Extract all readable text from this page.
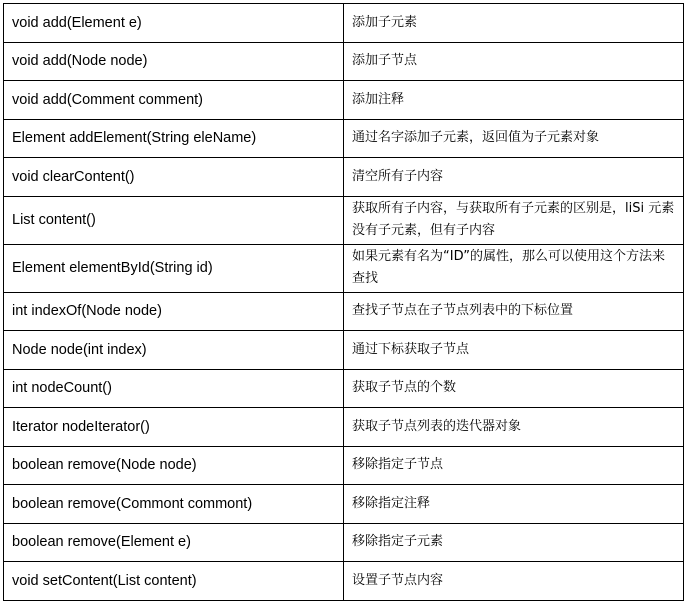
void add(Element e)	添加子元素
void add(Node node)	添加子节点
void add(Comment comment)	添加注释
Element addElement(String eleName)	通过名字添加子元素，返回值为子元素对象
void clearContent()	清空所有子内容
List content()	获取所有子内容，与获取所有子元素的区别是，liSi 元素没有子元素，但有子内容
Element elementById(String id)	如果元素有名为“ID”的属性，那么可以使用这个方法来查找
int indexOf(Node node)	查找子节点在子节点列表中的下标位置
Node node(int index)	通过下标获取子节点
int nodeCount()	获取子节点的个数
Iterator nodeIterator()	获取子节点列表的迭代器对象
boolean remove(Node node)	移除指定子节点
boolean remove(Commont commont)	移除指定注释
boolean remove(Element e)	移除指定子元素
void setContent(List content)	设置子节点内容
